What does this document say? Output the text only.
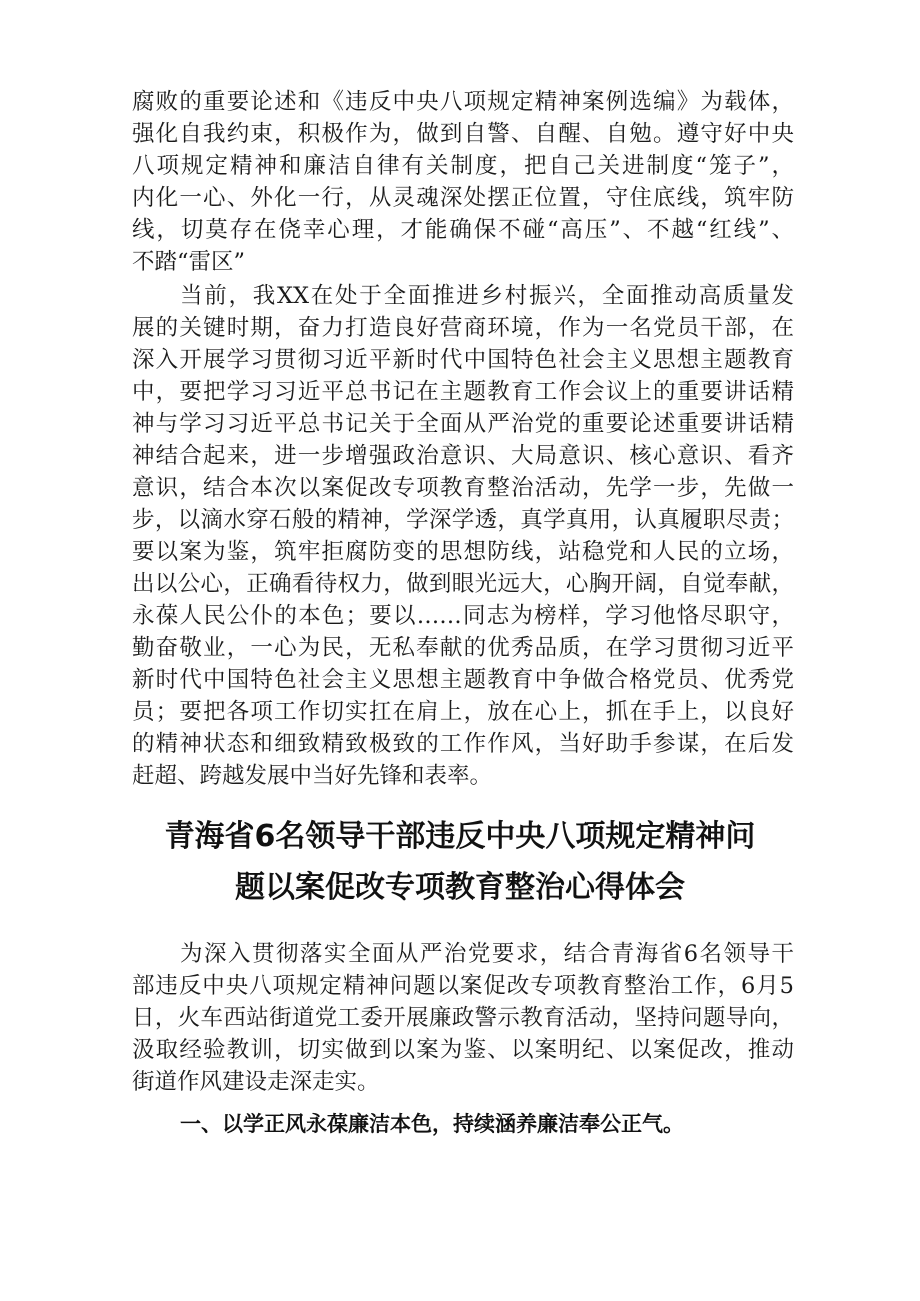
腐败的重要论述和《违反中央八项规定精神案例选编》为载体，

强化自我约束，积极作为，做到自警、自醒、自勉。遵守好中央

八项规定精神和廉洁自律有关制度，把自己关进制度“笼子”，

内化一心、外化一行，从灵魂深处摆正位置，守住底线，筑牢防

线，切莫存在侥幸心理，才能确保不碰“高压”、不越“红线”、

不踏“雷区”

当前，我XX在处于全面推进乡村振兴，全面推动高质量发

展的关键时期，奋力打造良好营商环境，作为一名党员干部，在

深入开展学习贯彻习近平新时代中国特色社会主义思想主题教育

中，要把学习习近平总书记在主题教育工作会议上的重要讲话精

神与学习习近平总书记关于全面从严治党的重要论述重要讲话精

神结合起来，进一步增强政治意识、大局意识、核心意识、看齐

意识，结合本次以案促改专项教育整治活动，先学一步，先做一

步，以滴水穿石般的精神，学深学透，真学真用，认真履职尽责；

要以案为鉴，筑牢拒腐防变的思想防线，站稳党和人民的立场，

出以公心，正确看待权力，做到眼光远大，心胸开阔，自觉奉献，

永葆人民公仆的本色；要以……同志为榜样，学习他恪尽职守，

勤奋敬业，一心为民，无私奉献的优秀品质，在学习贯彻习近平

新时代中国特色社会主义思想主题教育中争做合格党员、优秀党

员；要把各项工作切实扛在肩上，放在心上，抓在手上，以良好

的精神状态和细致精致极致的工作作风，当好助手参谋，在后发

赶超、跨越发展中当好先锋和表率。

青海省6名领导干部违反中央八项规定精神问
题以案促改专项教育整治心得体会

为深入贯彻落实全面从严治党要求，结合青海省6名领导干

部违反中央八项规定精神问题以案促改专项教育整治工作，6月5

日，火车西站街道党工委开展廉政警示教育活动，坚持问题导向，

汲取经验教训，切实做到以案为鉴、以案明纪、以案促改，推动

街道作风建设走深走实。

一、以学正风永葆廉洁本色，持续涵养廉洁奉公正气。
